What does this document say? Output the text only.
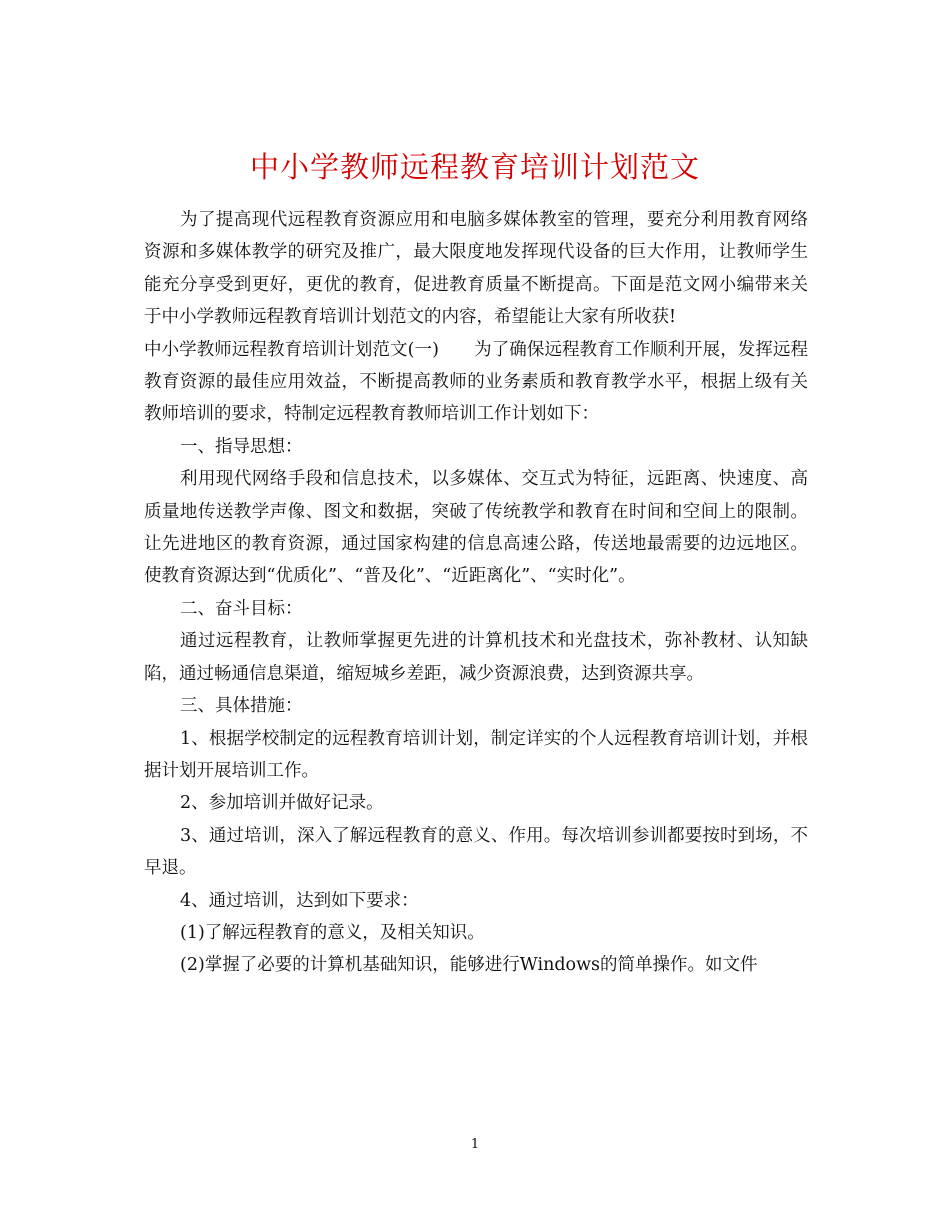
中小学教师远程教育培训计划范文

为了提高现代远程教育资源应用和电脑多媒体教室的管理，要充分利用教育网络资源和多媒体教学的研究及推广，最大限度地发挥现代设备的巨大作用，让教师学生能充分享受到更好，更优的教育，促进教育质量不断提高。下面是范文网小编带来关于中小学教师远程教育培训计划范文的内容，希望能让大家有所收获!

中小学教师远程教育培训计划范文(一)　　为了确保远程教育工作顺利开展，发挥远程教育资源的最佳应用效益，不断提高教师的业务素质和教育教学水平，根据上级有关教师培训的要求，特制定远程教育教师培训工作计划如下：

一、指导思想：

利用现代网络手段和信息技术，以多媒体、交互式为特征，远距离、快速度、高质量地传送教学声像、图文和数据，突破了传统教学和教育在时间和空间上的限制。让先进地区的教育资源，通过国家构建的信息高速公路，传送地最需要的边远地区。使教育资源达到“优质化”、“普及化”、“近距离化”、“实时化”。

二、奋斗目标：

通过远程教育，让教师掌握更先进的计算机技术和光盘技术，弥补教材、认知缺陷，通过畅通信息渠道，缩短城乡差距，减少资源浪费，达到资源共享。

三、具体措施：

1、根据学校制定的远程教育培训计划，制定详实的个人远程教育培训计划，并根据计划开展培训工作。

2、参加培训并做好记录。

3、通过培训，深入了解远程教育的意义、作用。每次培训参训都要按时到场，不早退。

4、通过培训，达到如下要求：

(1)了解远程教育的意义，及相关知识。

(2)掌握了必要的计算机基础知识，能够进行Windows的简单操作。如文件

1
